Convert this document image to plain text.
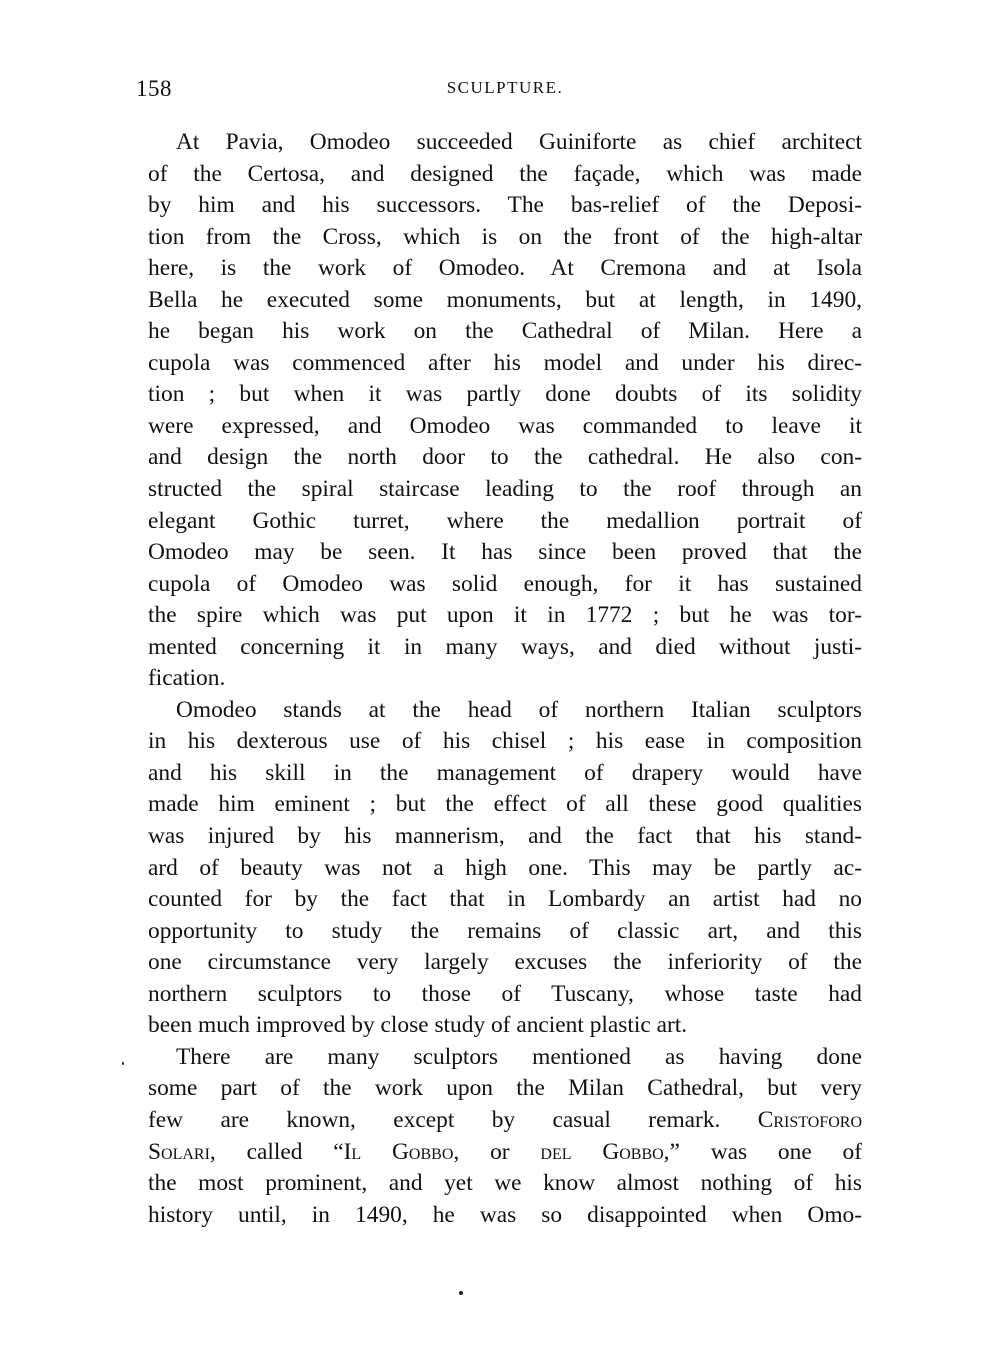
158	SCULPTURE.
At Pavia, Omodeo succeeded Guiniforte as chief architect
of the Certosa, and designed the façade, which was made
by him and his successors. The bas-relief of the Deposi-
tion from the Cross, which is on the front of the high-altar
here, is the work of Omodeo. At Cremona and at Isola
Bella he executed some monuments, but at length, in 1490,
he began his work on the Cathedral of Milan. Here a
cupola was commenced after his model and under his direc-
tion ; but when it was partly done doubts of its solidity
were expressed, and Omodeo was commanded to leave it
and design the north door to the cathedral. He also con-
structed the spiral staircase leading to the roof through an
elegant Gothic turret, where the medallion portrait of
Omodeo may be seen. It has since been proved that the
cupola of Omodeo was solid enough, for it has sustained
the spire which was put upon it in 1772 ; but he was tor-
mented concerning it in many ways, and died without justi-
fication.
Omodeo stands at the head of northern Italian sculptors
in his dexterous use of his chisel ; his ease in composition
and his skill in the management of drapery would have
made him eminent ; but the effect of all these good qualities
was injured by his mannerism, and the fact that his stand-
ard of beauty was not a high one. This may be partly ac-
counted for by the fact that in Lombardy an artist had no
opportunity to study the remains of classic art, and this
one circumstance very largely excuses the inferiority of the
northern sculptors to those of Tuscany, whose taste had
been much improved by close study of ancient plastic art.
There are many sculptors mentioned as having done
some part of the work upon the Milan Cathedral, but very
few are known, except by casual remark. Cristoforo
Solari, called “Il Gobbo, or del Gobbo,” was one of
the most prominent, and yet we know almost nothing of his
history until, in 1490, he was so disappointed when Omo-
